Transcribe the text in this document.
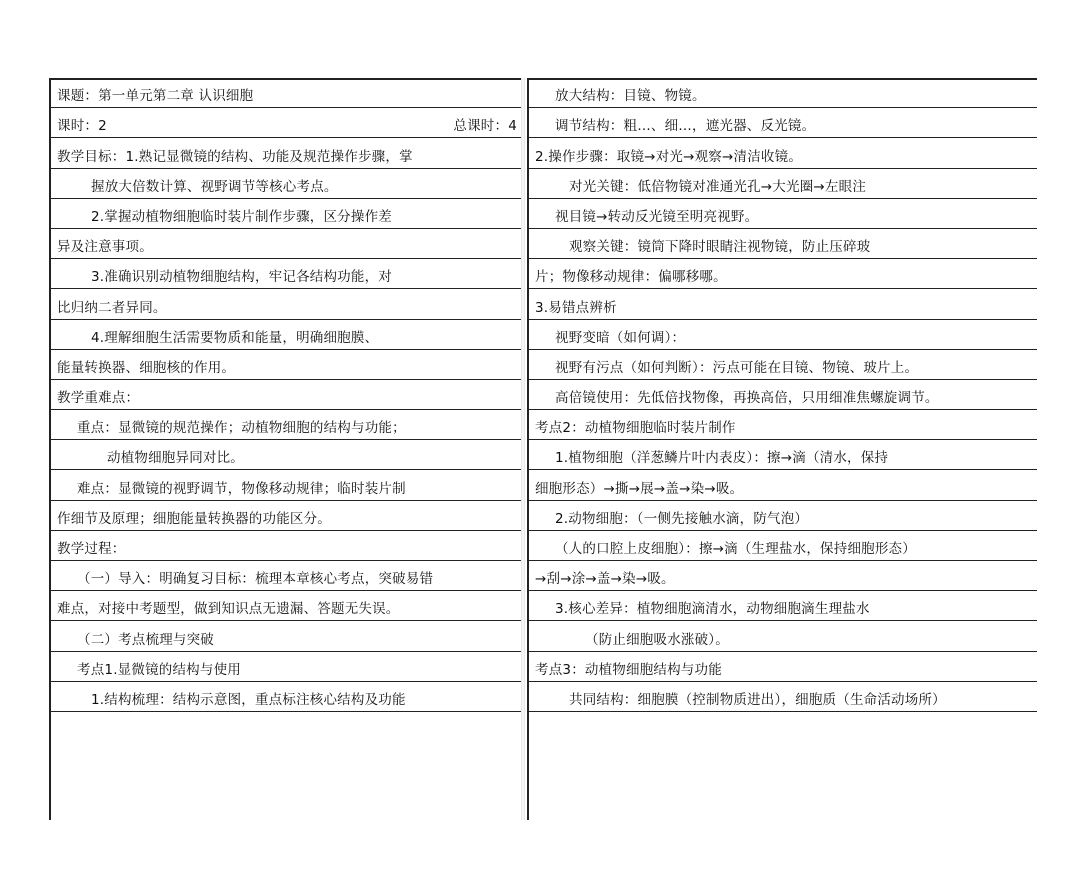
课题：第一单元第二章 认识细胞
课时：2	总课时：4
教学目标：1.熟记显微镜的结构、功能及规范操作步骤，掌
握放大倍数计算、视野调节等核心考点。
2.掌握动植物细胞临时装片制作步骤，区分操作差
异及注意事项。
3.准确识别动植物细胞结构，牢记各结构功能，对
比归纳二者异同。
4.理解细胞生活需要物质和能量，明确细胞膜、
能量转换器、细胞核的作用。
教学重难点：
重点：显微镜的规范操作；动植物细胞的结构与功能；
动植物细胞异同对比。
难点：显微镜的视野调节，物像移动规律；临时装片制
作细节及原理；细胞能量转换器的功能区分。
教学过程：
（一）导入：明确复习目标：梳理本章核心考点，突破易错
难点，对接中考题型，做到知识点无遗漏、答题无失误。
（二）考点梳理与突破
考点1.显微镜的结构与使用
1.结构梳理：结构示意图，重点标注核心结构及功能
放大结构：目镜、物镜。
调节结构：粗…、细…，遮光器、反光镜。
2.操作步骤：取镜→对光→观察→清洁收镜。
对光关键：低倍物镜对准通光孔→大光圈→左眼注
视目镜→转动反光镜至明亮视野。
观察关键：镜筒下降时眼睛注视物镜，防止压碎玻
片；物像移动规律：偏哪移哪。
3.易错点辨析
视野变暗（如何调）：
视野有污点（如何判断）：污点可能在目镜、物镜、玻片上。
高倍镜使用：先低倍找物像，再换高倍，只用细准焦螺旋调节。
考点2：动植物细胞临时装片制作
1.植物细胞（洋葱鳞片叶内表皮）：擦→滴（清水，保持
细胞形态）→撕→展→盖→染→吸。
2.动物细胞：（一侧先接触水滴，防气泡）
（人的口腔上皮细胞）：擦→滴（生理盐水，保持细胞形态）
→刮→涂→盖→染→吸。
3.核心差异：植物细胞滴清水，动物细胞滴生理盐水
（防止细胞吸水涨破）。
考点3：动植物细胞结构与功能
共同结构：细胞膜（控制物质进出），细胞质（生命活动场所）
